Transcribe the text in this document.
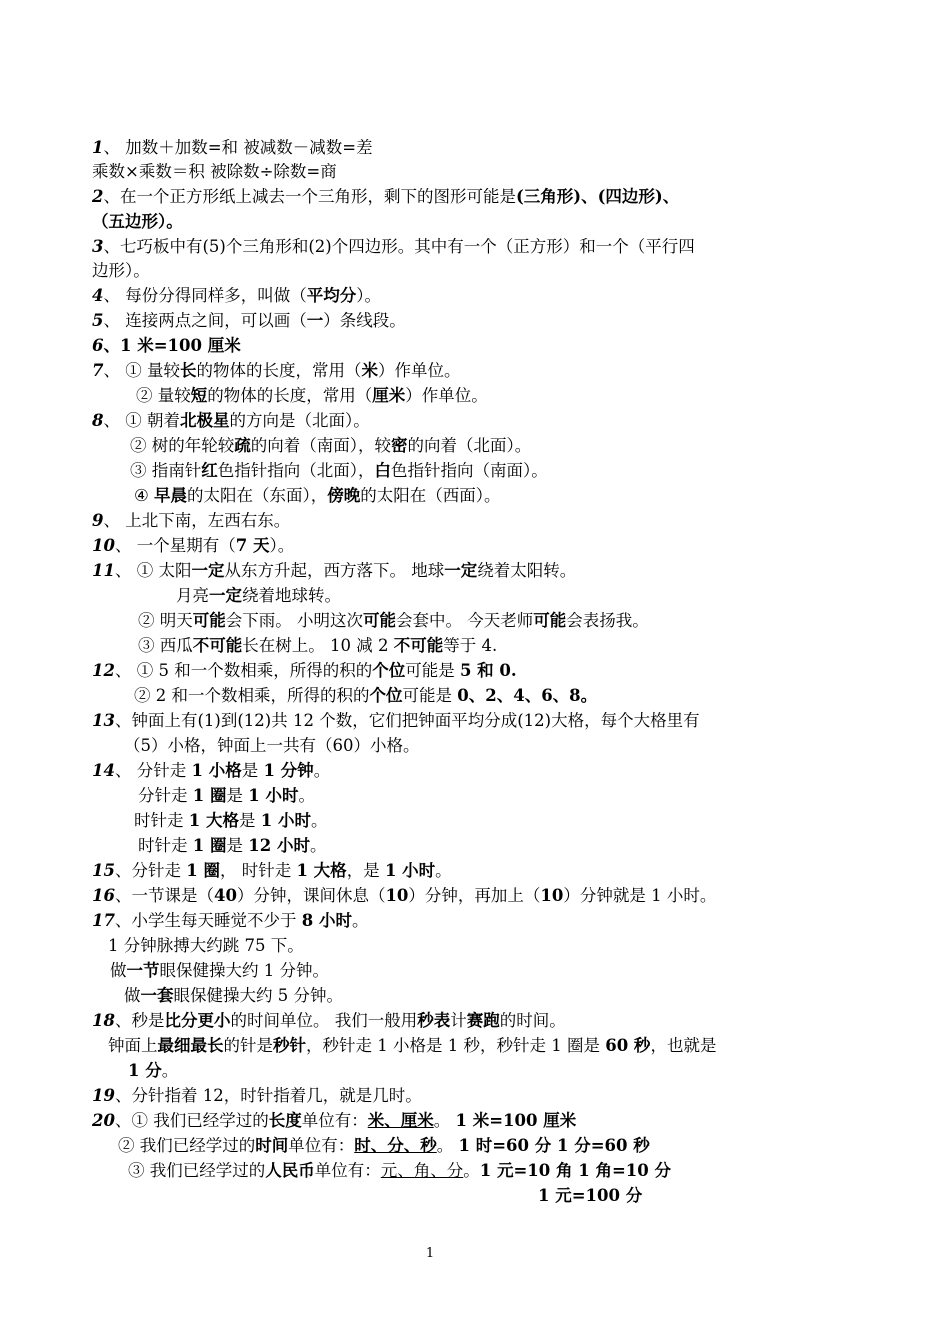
1、 加数＋加数=和 被减数－减数=差
乘数×乘数＝积 被除数÷除数=商
2、在一个正方形纸上减去一个三角形，剩下的图形可能是(三角形)、(四边形)、
（五边形）。
3、七巧板中有(5)个三角形和(2)个四边形。其中有一个（正方形）和一个（平行四
边形）。
4、 每份分得同样多，叫做（平均分）。
5、 连接两点之间，可以画（一）条线段。
6、1 米=100 厘米
7、 ① 量较长的物体的长度，常用（米）作单位。
② 量较短的物体的长度，常用（厘米）作单位。
8、 ① 朝着北极星的方向是（北面）。
② 树的年轮较疏的向着（南面），较密的向着（北面）。
③ 指南针红色指针指向（北面），白色指针指向（南面）。
④ 早晨的太阳在（东面），傍晚的太阳在（西面）。
9、 上北下南，左西右东。
10、 一个星期有（7 天）。
11、 ① 太阳一定从东方升起，西方落下。 地球一定绕着太阳转。
月亮一定绕着地球转。
② 明天可能会下雨。 小明这次可能会套中。 今天老师可能会表扬我。
③ 西瓜不可能长在树上。 10 减 2 不可能等于 4.
12、 ① 5 和一个数相乘，所得的积的个位可能是 5 和 0.
② 2 和一个数相乘，所得的积的个位可能是 0、2、4、6、8。
13、钟面上有(1)到(12)共 12 个数，它们把钟面平均分成(12)大格，每个大格里有
（5）小格，钟面上一共有（60）小格。
14、 分针走 1 小格是 1 分钟。
分针走 1 圈是 1 小时。
时针走 1 大格是 1 小时。
时针走 1 圈是 12 小时。
15、分针走 1 圈， 时针走 1 大格，是 1 小时。
16、一节课是（40）分钟，课间休息（10）分钟，再加上（10）分钟就是 1 小时。
17、小学生每天睡觉不少于 8 小时。
1 分钟脉搏大约跳 75 下。
做一节眼保健操大约 1 分钟。
做一套眼保健操大约 5 分钟。
18、秒是比分更小的时间单位。 我们一般用秒表计赛跑的时间。
钟面上最细最长的针是秒针，秒针走 1 小格是 1 秒，秒针走 1 圈是 60 秒，也就是
1 分。
19、分针指着 12，时针指着几，就是几时。
20、① 我们已经学过的长度单位有：米、厘米。 1 米=100 厘米
② 我们已经学过的时间单位有：时、分、秒。 1 时=60 分 1 分=60 秒
③ 我们已经学过的人民币单位有：元、角、分。1 元=10 角 1 角=10 分
1 元=100 分
1
